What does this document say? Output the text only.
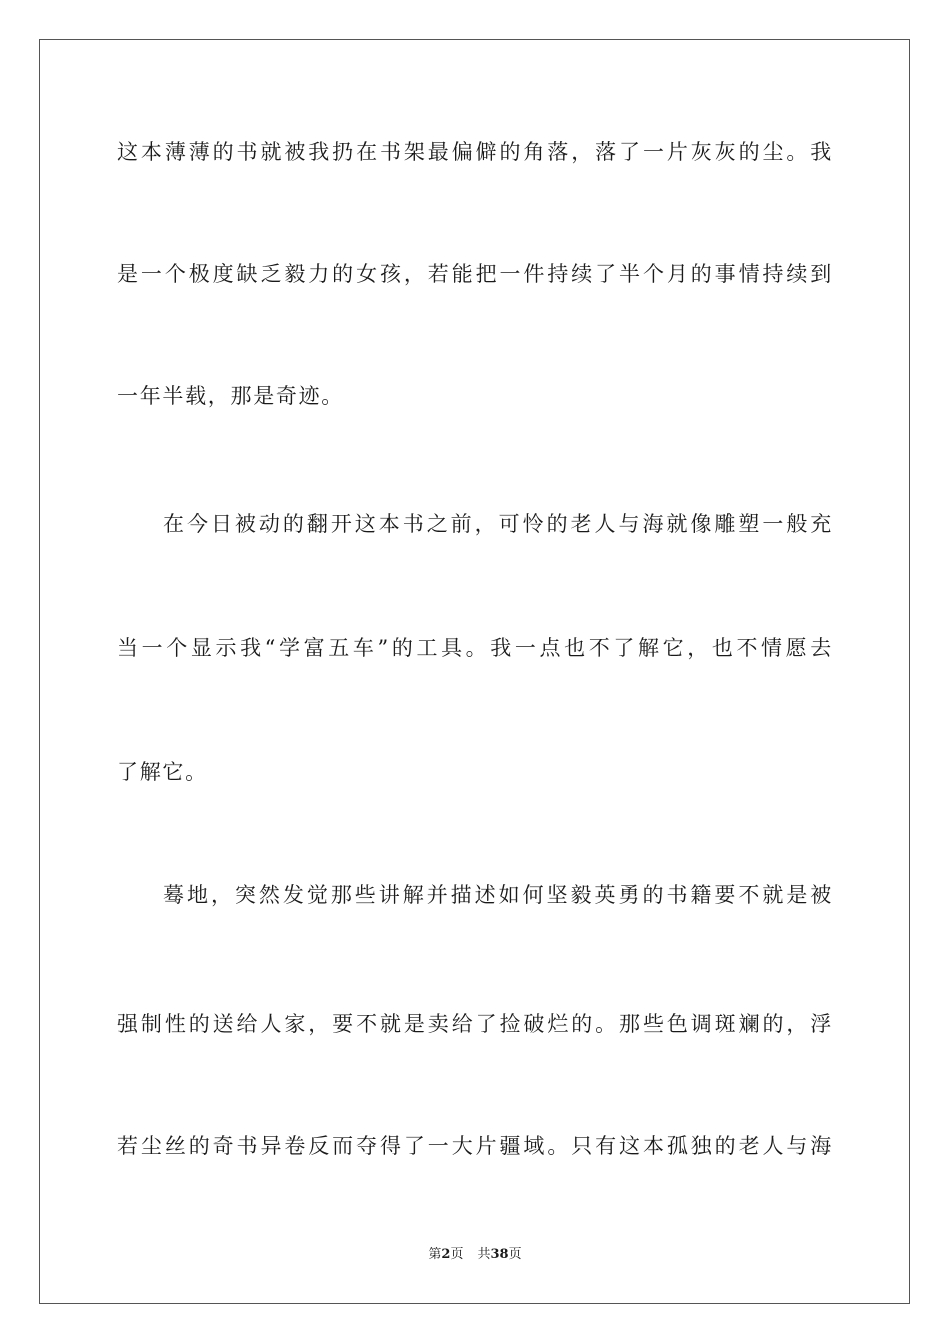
这本薄薄的书就被我扔在书架最偏僻的角落，落了一片灰灰的尘。我
是一个极度缺乏毅力的女孩，若能把一件持续了半个月的事情持续到
一年半载，那是奇迹。
在今日被动的翻开这本书之前，可怜的老人与海就像雕塑一般充
当一个显示我“学富五车”的工具。我一点也不了解它，也不情愿去
了解它。
蓦地，突然发觉那些讲解并描述如何坚毅英勇的书籍要不就是被
强制性的送给人家，要不就是卖给了捡破烂的。那些色调斑斓的，浮
若尘丝的奇书异卷反而夺得了一大片疆域。只有这本孤独的老人与海
第2页 共38页
